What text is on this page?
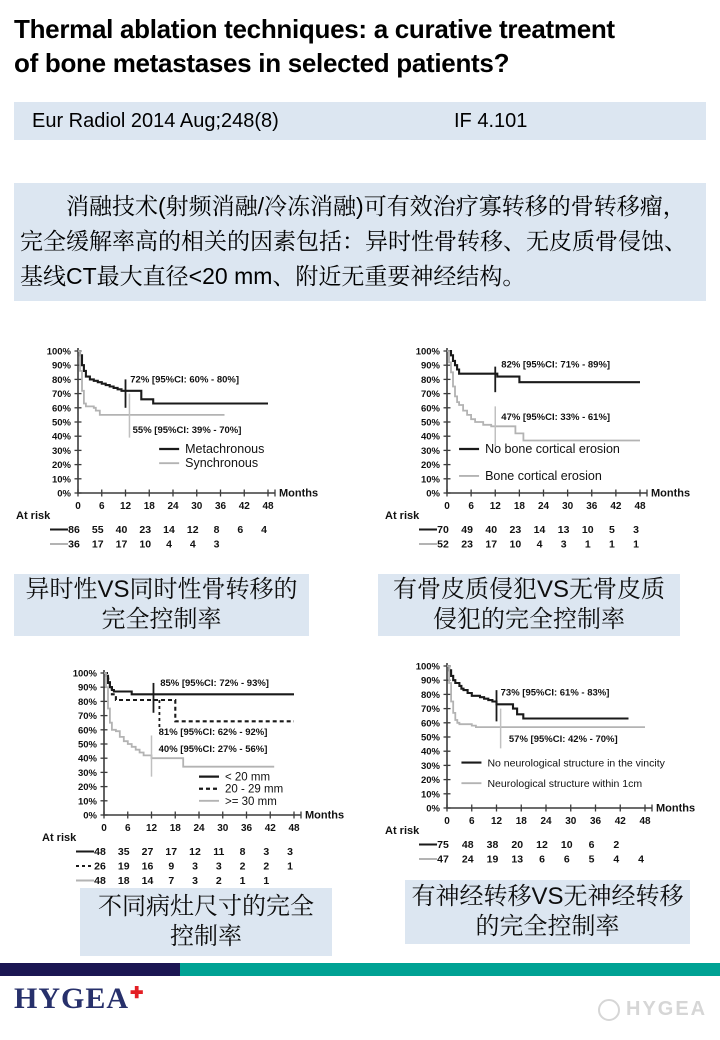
Thermal ablation techniques: a curative treatment
of bone metastases in selected patients?
Eur Radiol 2014 Aug;248(8)	IF 4.101
　　消融技术(射频消融/冷冻消融)可有效治疗寡转移的骨转移瘤，
完全缓解率高的相关的因素包括：异时性骨转移、无皮质骨侵蚀、
基线CT最大直径<20 mm、附近无重要神经结构。
0%
10%
20%
30%
40%
50%
60%
70%
80%
90%
100%
0 6 12 18 24 30 36 42 48
Months
72% [95%CI: 60% - 80%]
55% [95%CI: 39% - 70%]
Metachronous
Synchronous
At risk
86 55 40 23 14 12 8 6 4
36 17 17 10 4 4 3
0%
10%
20%
30%
40%
50%
60%
70%
80%
90%
100%
0 6 12 18 24 30 36 42 48
Months
82% [95%CI: 71% - 89%]
47% [95%CI: 33% - 61%]
No bone cortical erosion
Bone cortical erosion
At risk
70 49 40 23 14 13 10 5 3
52 23 17 10 4 3 1 1 1
0%
10%
20%
30%
40%
50%
60%
70%
80%
90%
100%
0 6 12 18 24 30 36 42 48
Months
85% [95%CI: 72% - 93%]
81% [95%CI: 62% - 92%]
40% [95%CI: 27% - 56%]
< 20 mm
20 - 29 mm
>= 30 mm
At risk
48 35 27 17 12 11 8 3 3
26 19 16 9 3 3 2 2 1
48 18 14 7 3 2 1 1
0%
10%
20%
30%
40%
50%
60%
70%
80%
90%
100%
0 6 12 18 24 30 36 42 48
Months
73% [95%CI: 61% - 83%]
57% [95%CI: 42% - 70%]
No neurological structure in the vincity
Neurological structure within 1cm
At risk
75 48 38 20 12 10 6 2
47 24 19 13 6 6 5 4 4
异时性VS同时性骨转移的
完全控制率
有骨皮质侵犯VS无骨皮质
侵犯的完全控制率
不同病灶尺寸的完全
控制率
有神经转移VS无神经转移
的完全控制率
HYGEA✚
HYGEA
